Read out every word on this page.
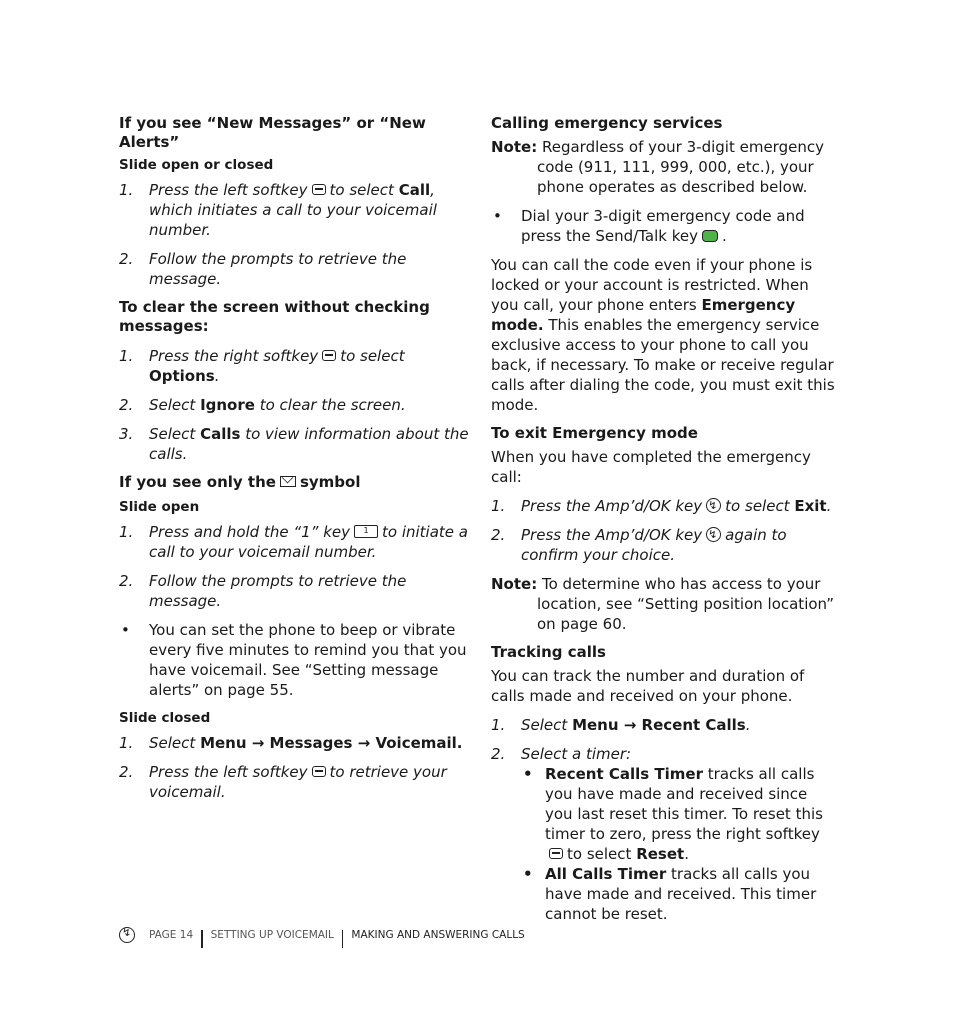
If you see “New Messages” or “New Alerts”
Slide open or closed
1. Press the left softkey to select Call, which initiates a call to your voicemail number.
2. Follow the prompts to retrieve the message.
To clear the screen without checking messages:
1. Press the right softkey to select Options.
2. Select Ignore to clear the screen.
3. Select Calls to view information about the calls.
If you see only the symbol
Slide open
1. Press and hold the “1” key 1 to initiate a call to your voicemail number.
2. Follow the prompts to retrieve the message.
• You can set the phone to beep or vibrate every five minutes to remind you that you have voicemail. See “Setting message alerts” on page 55.
Slide closed
1. Select Menu → Messages → Voicemail.
2. Press the left softkey to retrieve your voicemail.
Calling emergency services
Note: Regardless of your 3-digit emergency code (911, 111, 999, 000, etc.), your phone operates as described below.
• Dial your 3-digit emergency code and press the Send/Talk key .

You can call the code even if your phone is locked or your account is restricted. When you call, your phone enters Emergency mode. This enables the emergency service exclusive access to your phone to call you back, if necessary. To make or receive regular calls after dialing the code, you must exit this mode.

To exit Emergency mode

When you have completed the emergency call:

1. Press the Amp’d/OK key ↯ to select Exit.
2. Press the Amp’d/OK key ↯ again to confirm your choice.
Note: To determine who has access to your location, see “Setting position location” on page 60.
Tracking calls

You can track the number and duration of calls made and received on your phone.

1. Select Menu → Recent Calls.
2. Select a timer:
• Recent Calls Timer tracks all calls you have made and received since you last reset this timer. To reset this timer to zero, press the right softkeyto select Reset.
• All Calls Timer tracks all calls you have made and received. This timer cannot be reset.
↯
PAGE 14 SETTING UP VOICEMAIL MAKING AND ANSWERING CALLS
